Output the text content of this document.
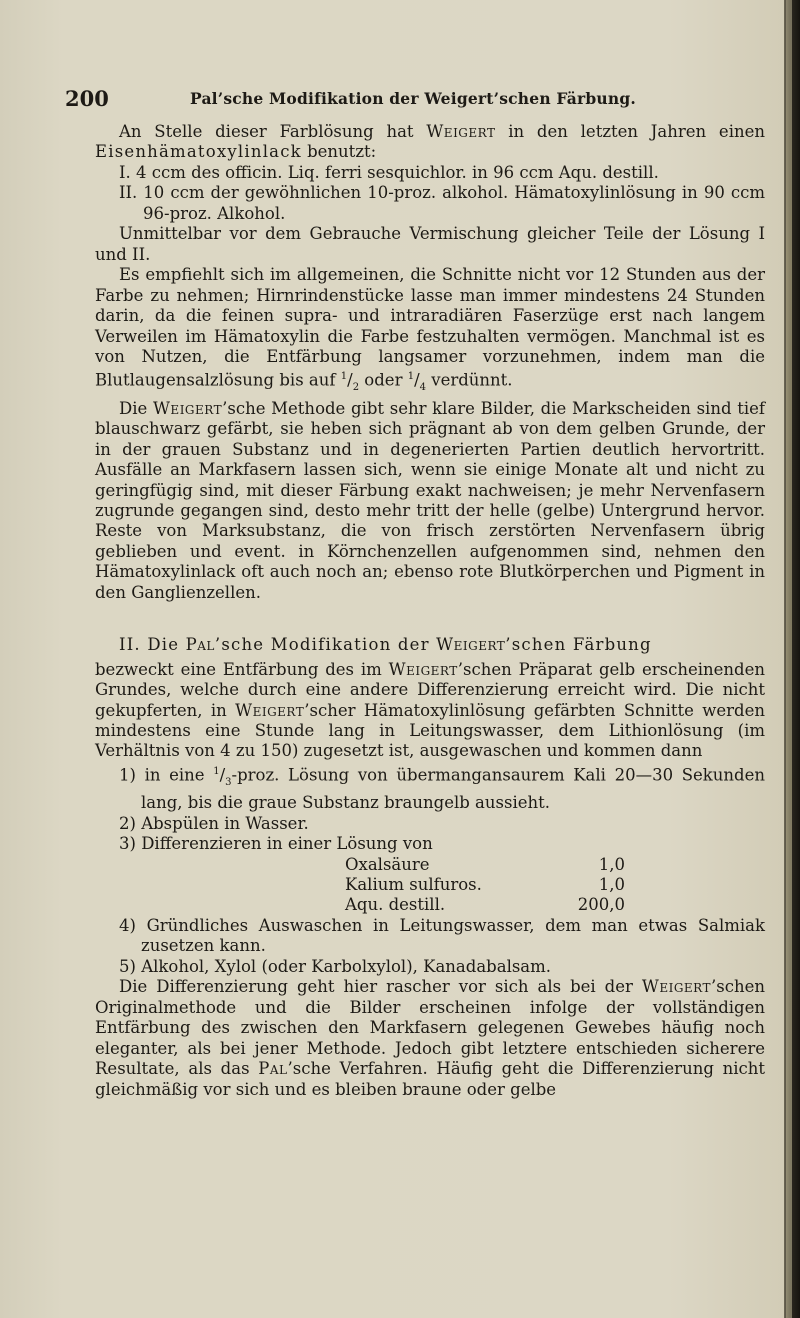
200	Pal’sche Modifikation der Weigert’schen Färbung.

An Stelle dieser Farblösung hat Weigert in den letzten Jahren einen Eisenhämatoxylinlack benutzt:

I. 4 ccm des officin. Liq. ferri sesquichlor. in 96 ccm Aqu. destill.

II. 10 ccm der gewöhnlichen 10-proz. alkohol. Hämatoxylinlösung in 90 ccm 96-proz. Alkohol.

Unmittelbar vor dem Gebrauche Vermischung gleicher Teile der Lösung I und II.

Es empfiehlt sich im allgemeinen, die Schnitte nicht vor 12 Stunden aus der Farbe zu nehmen; Hirnrindenstücke lasse man immer mindestens 24 Stunden darin, da die feinen supra- und intraradiären Faserzüge erst nach langem Verweilen im Hämatoxylin die Farbe festzuhalten vermögen. Manchmal ist es von Nutzen, die Entfärbung langsamer vorzunehmen, indem man die Blutlaugensalzlösung bis auf $^1/_2$ oder $^1/_4$ verdünnt.

Die Weigert’sche Methode gibt sehr klare Bilder, die Markscheiden sind tief blauschwarz gefärbt, sie heben sich prägnant ab von dem gelben Grunde, der in der grauen Substanz und in degenerierten Partien deutlich hervortritt. Ausfälle an Markfasern lassen sich, wenn sie einige Monate alt und nicht zu geringfügig sind, mit dieser Färbung exakt nachweisen; je mehr Nervenfasern zugrunde gegangen sind, desto mehr tritt der helle (gelbe) Untergrund hervor. Reste von Marksubstanz, die von frisch zerstörten Nervenfasern übrig geblieben und event. in Körnchenzellen aufgenommen sind, nehmen den Hämatoxylinlack oft auch noch an; ebenso rote Blutkörperchen und Pigment in den Ganglienzellen.

II. Die Pal’sche Modifikation der Weigert’schen Färbung

bezweckt eine Entfärbung des im Weigert’schen Präparat gelb erscheinenden Grundes, welche durch eine andere Differenzierung erreicht wird. Die nicht gekupferten, in Weigert’scher Hämatoxylinlösung gefärbten Schnitte werden mindestens eine Stunde lang in Leitungswasser, dem Lithionlösung (im Verhältnis von 4 zu 150) zugesetzt ist, ausgewaschen und kommen dann

1) in eine $^1/_3$-proz. Lösung von übermangansaurem Kali 20—30 Sekunden lang, bis die graue Substanz braungelb aussieht.

2) Abspülen in Wasser.

3) Differenzieren in einer Lösung von

Oxalsäure	1,0
Kalium sulfuros.	1,0
Aqu. destill.	200,0

4) Gründliches Auswaschen in Leitungswasser, dem man etwas Salmiak zusetzen kann.

5) Alkohol, Xylol (oder Karbolxylol), Kanadabalsam.

Die Differenzierung geht hier rascher vor sich als bei der Weigert’schen Originalmethode und die Bilder erscheinen infolge der vollständigen Entfärbung des zwischen den Markfasern gelegenen Gewebes häufig noch eleganter, als bei jener Methode. Jedoch gibt letztere entschieden sicherere Resultate, als das Pal’sche Verfahren. Häufig geht die Differenzierung nicht gleichmäßig vor sich und es bleiben braune oder gelbe
